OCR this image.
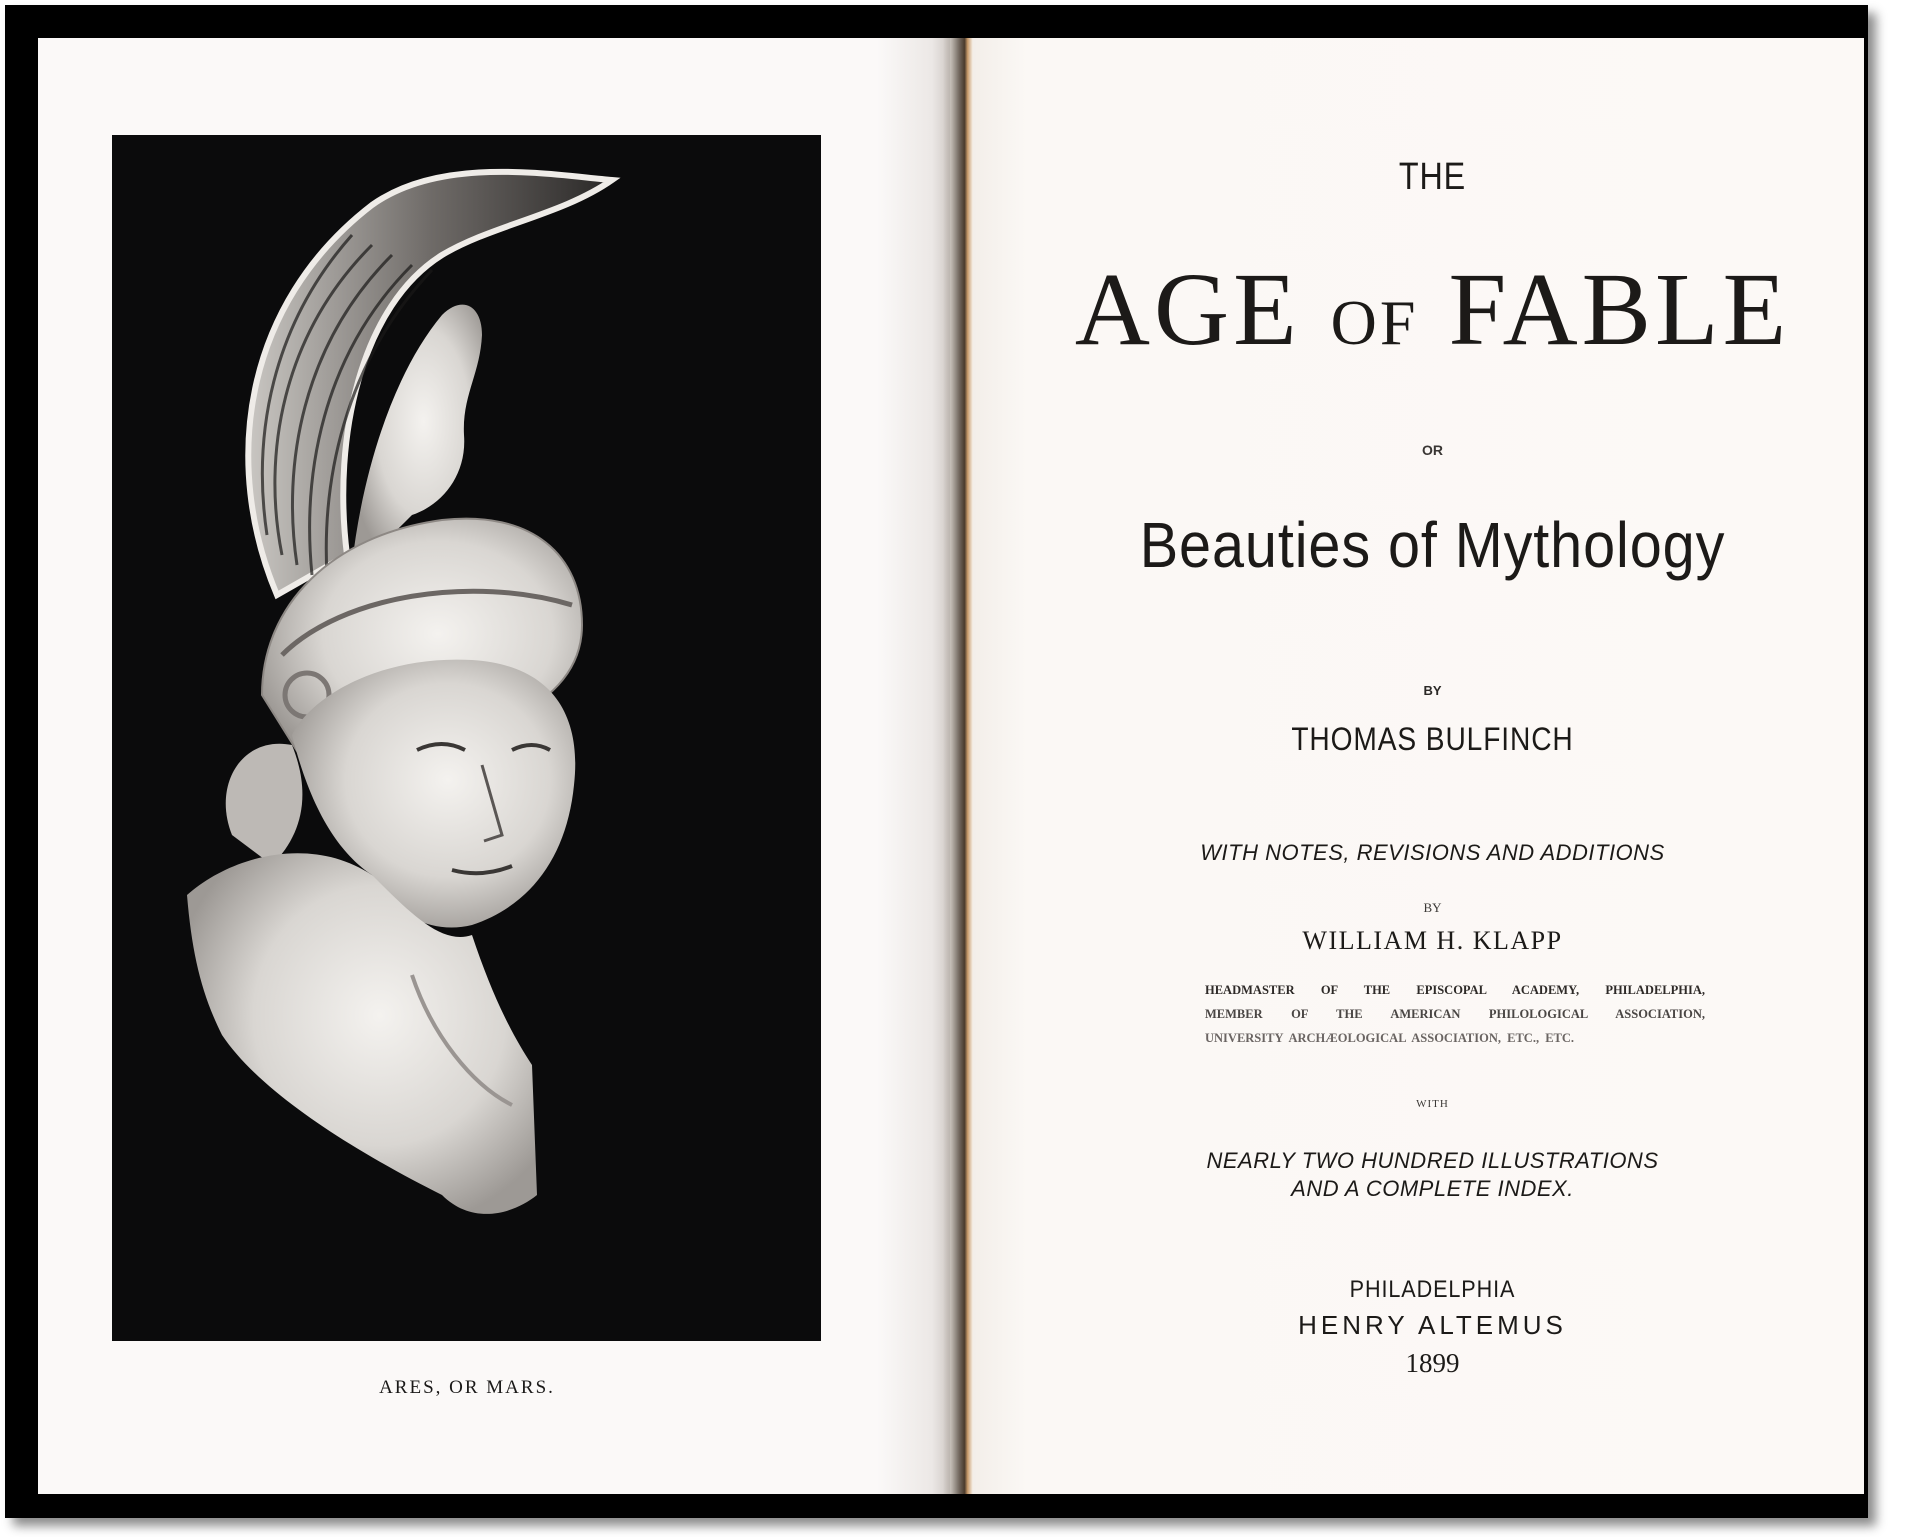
ARES, OR MARS.
THE
AGE OF FABLE
OR
Beauties of Mythology
BY
THOMAS BULFINCH
WITH NOTES, REVISIONS AND ADDITIONS
BY
WILLIAM H. KLAPP
HEADMASTER OF THE EPISCOPAL ACADEMY, PHILADELPHIA,
MEMBER OF THE AMERICAN PHILOLOGICAL ASSOCIATION,
UNIVERSITY ARCHÆOLOGICAL ASSOCIATION, ETC., ETC.
WITH
NEARLY TWO HUNDRED ILLUSTRATIONS
AND A COMPLETE INDEX.
PHILADELPHIA
HENRY ALTEMUS
1899
